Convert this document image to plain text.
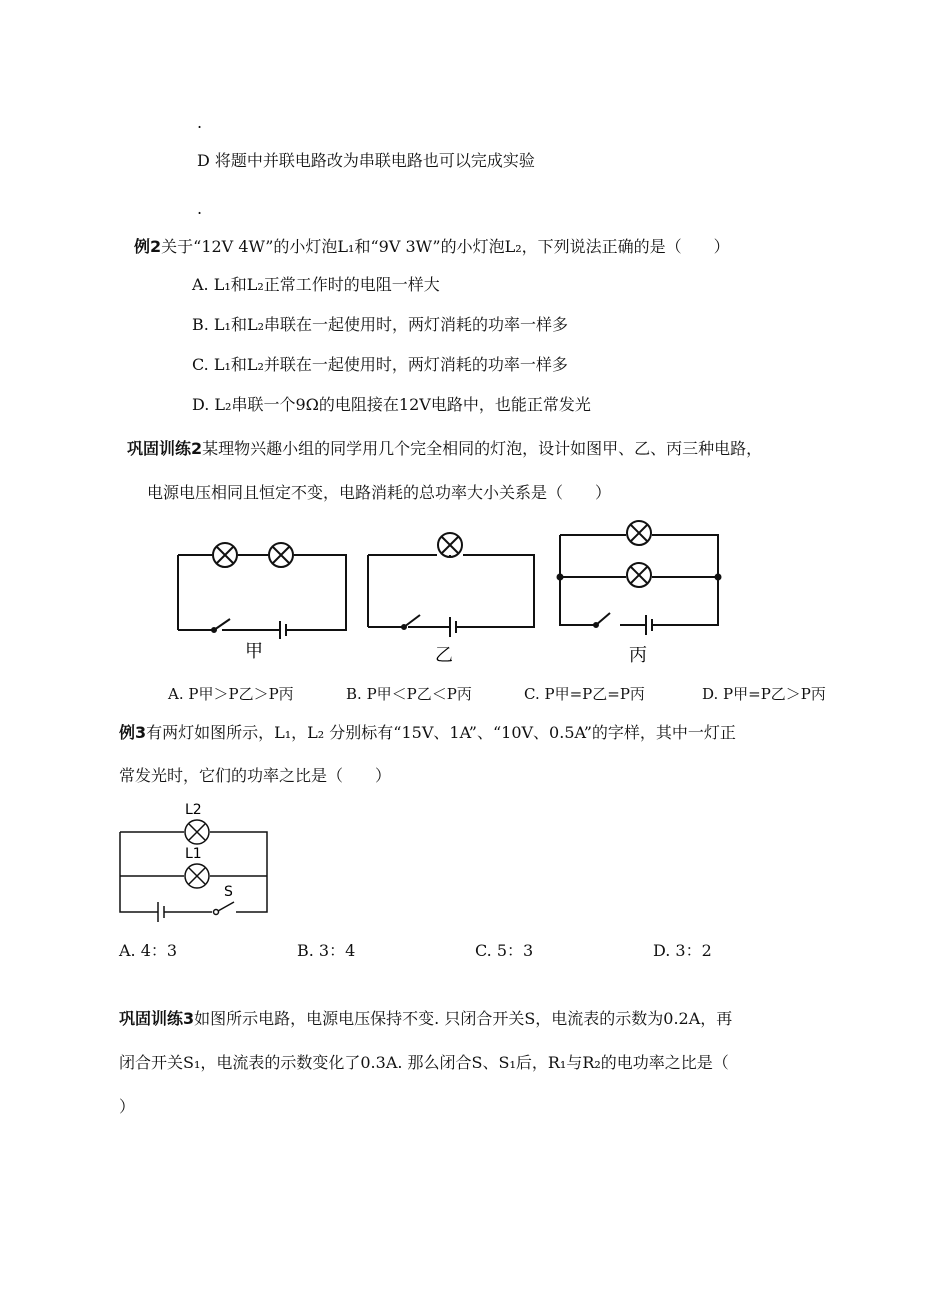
.
D 将题中并联电路改为串联电路也可以完成实验
.
例2关于“12V 4W”的小灯泡L₁和“9V 3W”的小灯泡L₂，下列说法正确的是（　　）
A. L₁和L₂正常工作时的电阻一样大
B. L₁和L₂串联在一起使用时，两灯消耗的功率一样多
C. L₁和L₂并联在一起使用时，两灯消耗的功率一样多
D. L₂串联一个9Ω的电阻接在12V电路中，也能正常发光
巩固训练2某理物兴趣小组的同学用几个完全相同的灯泡，设计如图甲、乙、丙三种电路，
电源电压相同且恒定不变，电路消耗的总功率大小关系是（　　）
甲	乙	丙
A. P甲＞P乙＞P丙	B. P甲＜P乙＜P丙	C. P甲=P乙=P丙	D. P甲=P乙＞P丙
例3有两灯如图所示，L₁，L₂ 分别标有“15V、1A”、“10V、0.5A”的字样，其中一灯正
常发光时，它们的功率之比是（　　）
L2
L1
S
A. 4：3	B. 3：4	C. 5：3	D. 3：2
巩固训练3如图所示电路，电源电压保持不变. 只闭合开关S，电流表的示数为0.2A，再
闭合开关S₁，电流表的示数变化了0.3A. 那么闭合S、S₁后，R₁与R₂的电功率之比是（
）
